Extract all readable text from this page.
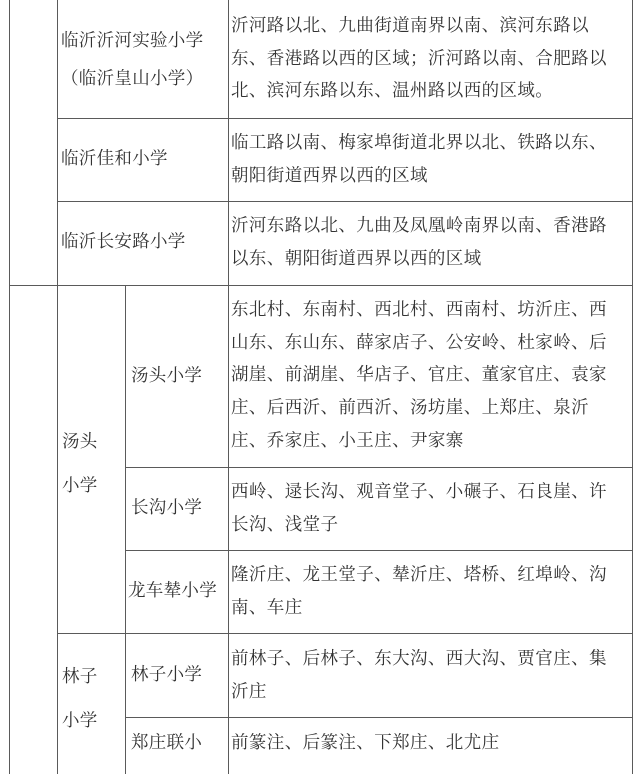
临沂沂河实验小学
（临沂皇山小学）
沂河路以北、九曲街道南界以南、滨河东路以
东、香港路以西的区域；沂河路以南、合肥路以
北、滨河东路以东、温州路以西的区域。
临沂佳和小学
临工路以南、梅家埠街道北界以北、铁路以东、
朝阳街道西界以西的区域
临沂长安路小学
沂河东路以北、九曲及凤凰岭南界以南、香港路
以东、朝阳街道西界以西的区域
汤头
小学
汤头小学
东北村、东南村、西北村、西南村、坊沂庄、西
山东、东山东、薛家店子、公安岭、杜家岭、后
湖崖、前湖崖、华店子、官庄、董家官庄、袁家
庄、后西沂、前西沂、汤坊崖、上郑庄、泉沂
庄、乔家庄、小王庄、尹家寨
长沟小学
西岭、逯长沟、观音堂子、小碾子、石良崖、许
长沟、浅堂子
龙车辇小学
隆沂庄、龙王堂子、辇沂庄、塔桥、红埠岭、沟
南、车庄
林子
小学
林子小学
前林子、后林子、东大沟、西大沟、贾官庄、集
沂庄
郑庄联小 前篆注、后篆注、下郑庄、北尤庄
